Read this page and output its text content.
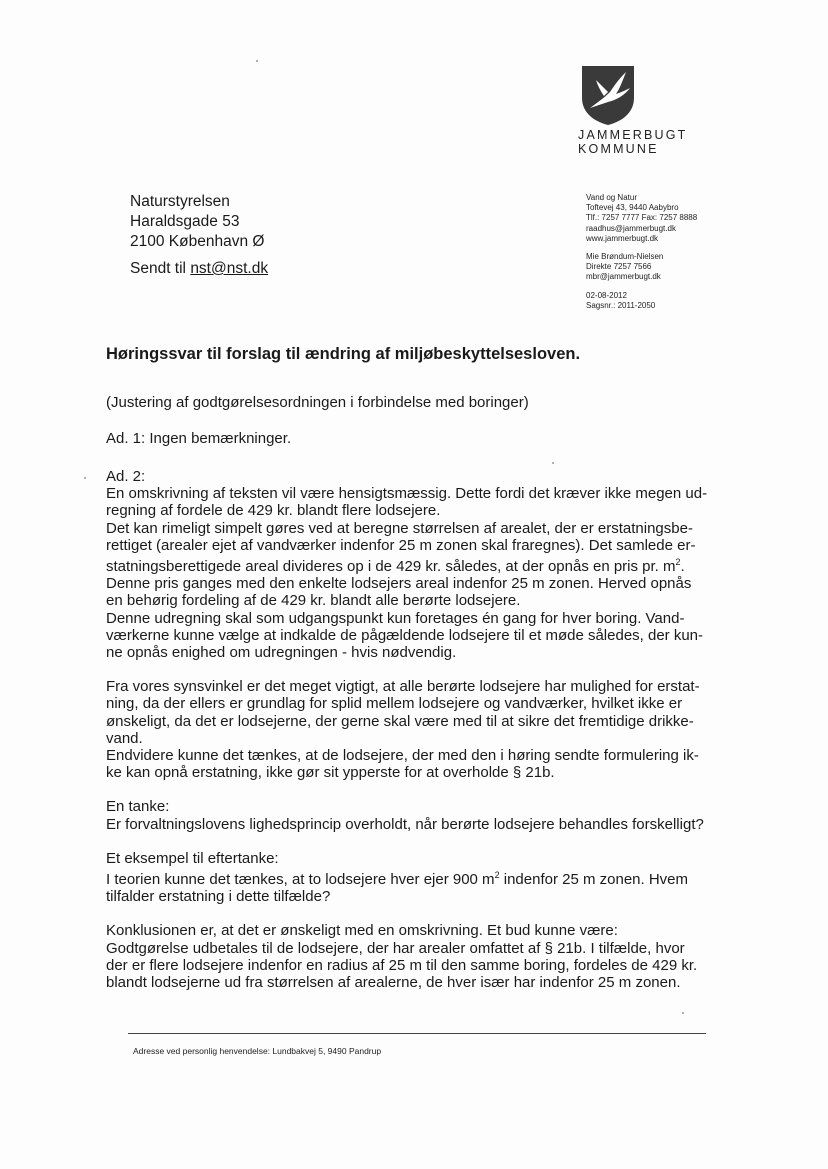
JAMMERBUGT
KOMMUNE
Naturstyrelsen
Haraldsgade 53
2100 København Ø
Sendt til nst@nst.dk
Vand og Natur
Toftevej 43, 9440 Aabybro
Tlf.: 7257 7777 Fax: 7257 8888
raadhus@jammerbugt.dk
www.jammerbugt.dk
Mie Brøndum-Nielsen
Direkte 7257 7566
mbr@jammerbugt.dk
02-08-2012
Sagsnr.: 2011-2050
Høringssvar til forslag til ændring af miljøbeskyttelsesloven.
(Justering af godtgørelsesordningen i forbindelse med boringer)
Ad. 1: Ingen bemærkninger.

Ad. 2:

En omskrivning af teksten vil være hensigtsmæssig. Dette fordi det kræver ikke megen ud-

regning af fordele de 429 kr. blandt flere lodsejere.

Det kan rimeligt simpelt gøres ved at beregne størrelsen af arealet, der er erstatningsbe-

rettiget (arealer ejet af vandværker indenfor 25 m zonen skal fraregnes). Det samlede er-

statningsberettigede areal divideres op i de 429 kr. således, at der opnås en pris pr. $m^2$.

Denne pris ganges med den enkelte lodsejers areal indenfor 25 m zonen. Herved opnås

en behørig fordeling af de 429 kr. blandt alle berørte lodsejere.

Denne udregning skal som udgangspunkt kun foretages én gang for hver boring. Vand-

værkerne kunne vælge at indkalde de pågældende lodsejere til et møde således, der kun-

ne opnås enighed om udregningen - hvis nødvendig.

Fra vores synsvinkel er det meget vigtigt, at alle berørte lodsejere har mulighed for erstat-

ning, da der ellers er grundlag for splid mellem lodsejere og vandværker, hvilket ikke er

ønskeligt, da det er lodsejerne, der gerne skal være med til at sikre det fremtidige drikke-

vand.

Endvidere kunne det tænkes, at de lodsejere, der med den i høring sendte formulering ik-

ke kan opnå erstatning, ikke gør sit ypperste for at overholde § 21b.

En tanke:

Er forvaltningslovens lighedsprincip overholdt, når berørte lodsejere behandles forskelligt?

Et eksempel til eftertanke:

I teorien kunne det tænkes, at to lodsejere hver ejer 900 $m^2$ indenfor 25 m zonen. Hvem

tilfalder erstatning i dette tilfælde?

Konklusionen er, at det er ønskeligt med en omskrivning. Et bud kunne være:

Godtgørelse udbetales til de lodsejere, der har arealer omfattet af § 21b. I tilfælde, hvor

der er flere lodsejere indenfor en radius af 25 m til den samme boring, fordeles de 429 kr.

blandt lodsejerne ud fra størrelsen af arealerne, de hver især har indenfor 25 m zonen.

Adresse ved personlig henvendelse: Lundbakvej 5, 9490 Pandrup
